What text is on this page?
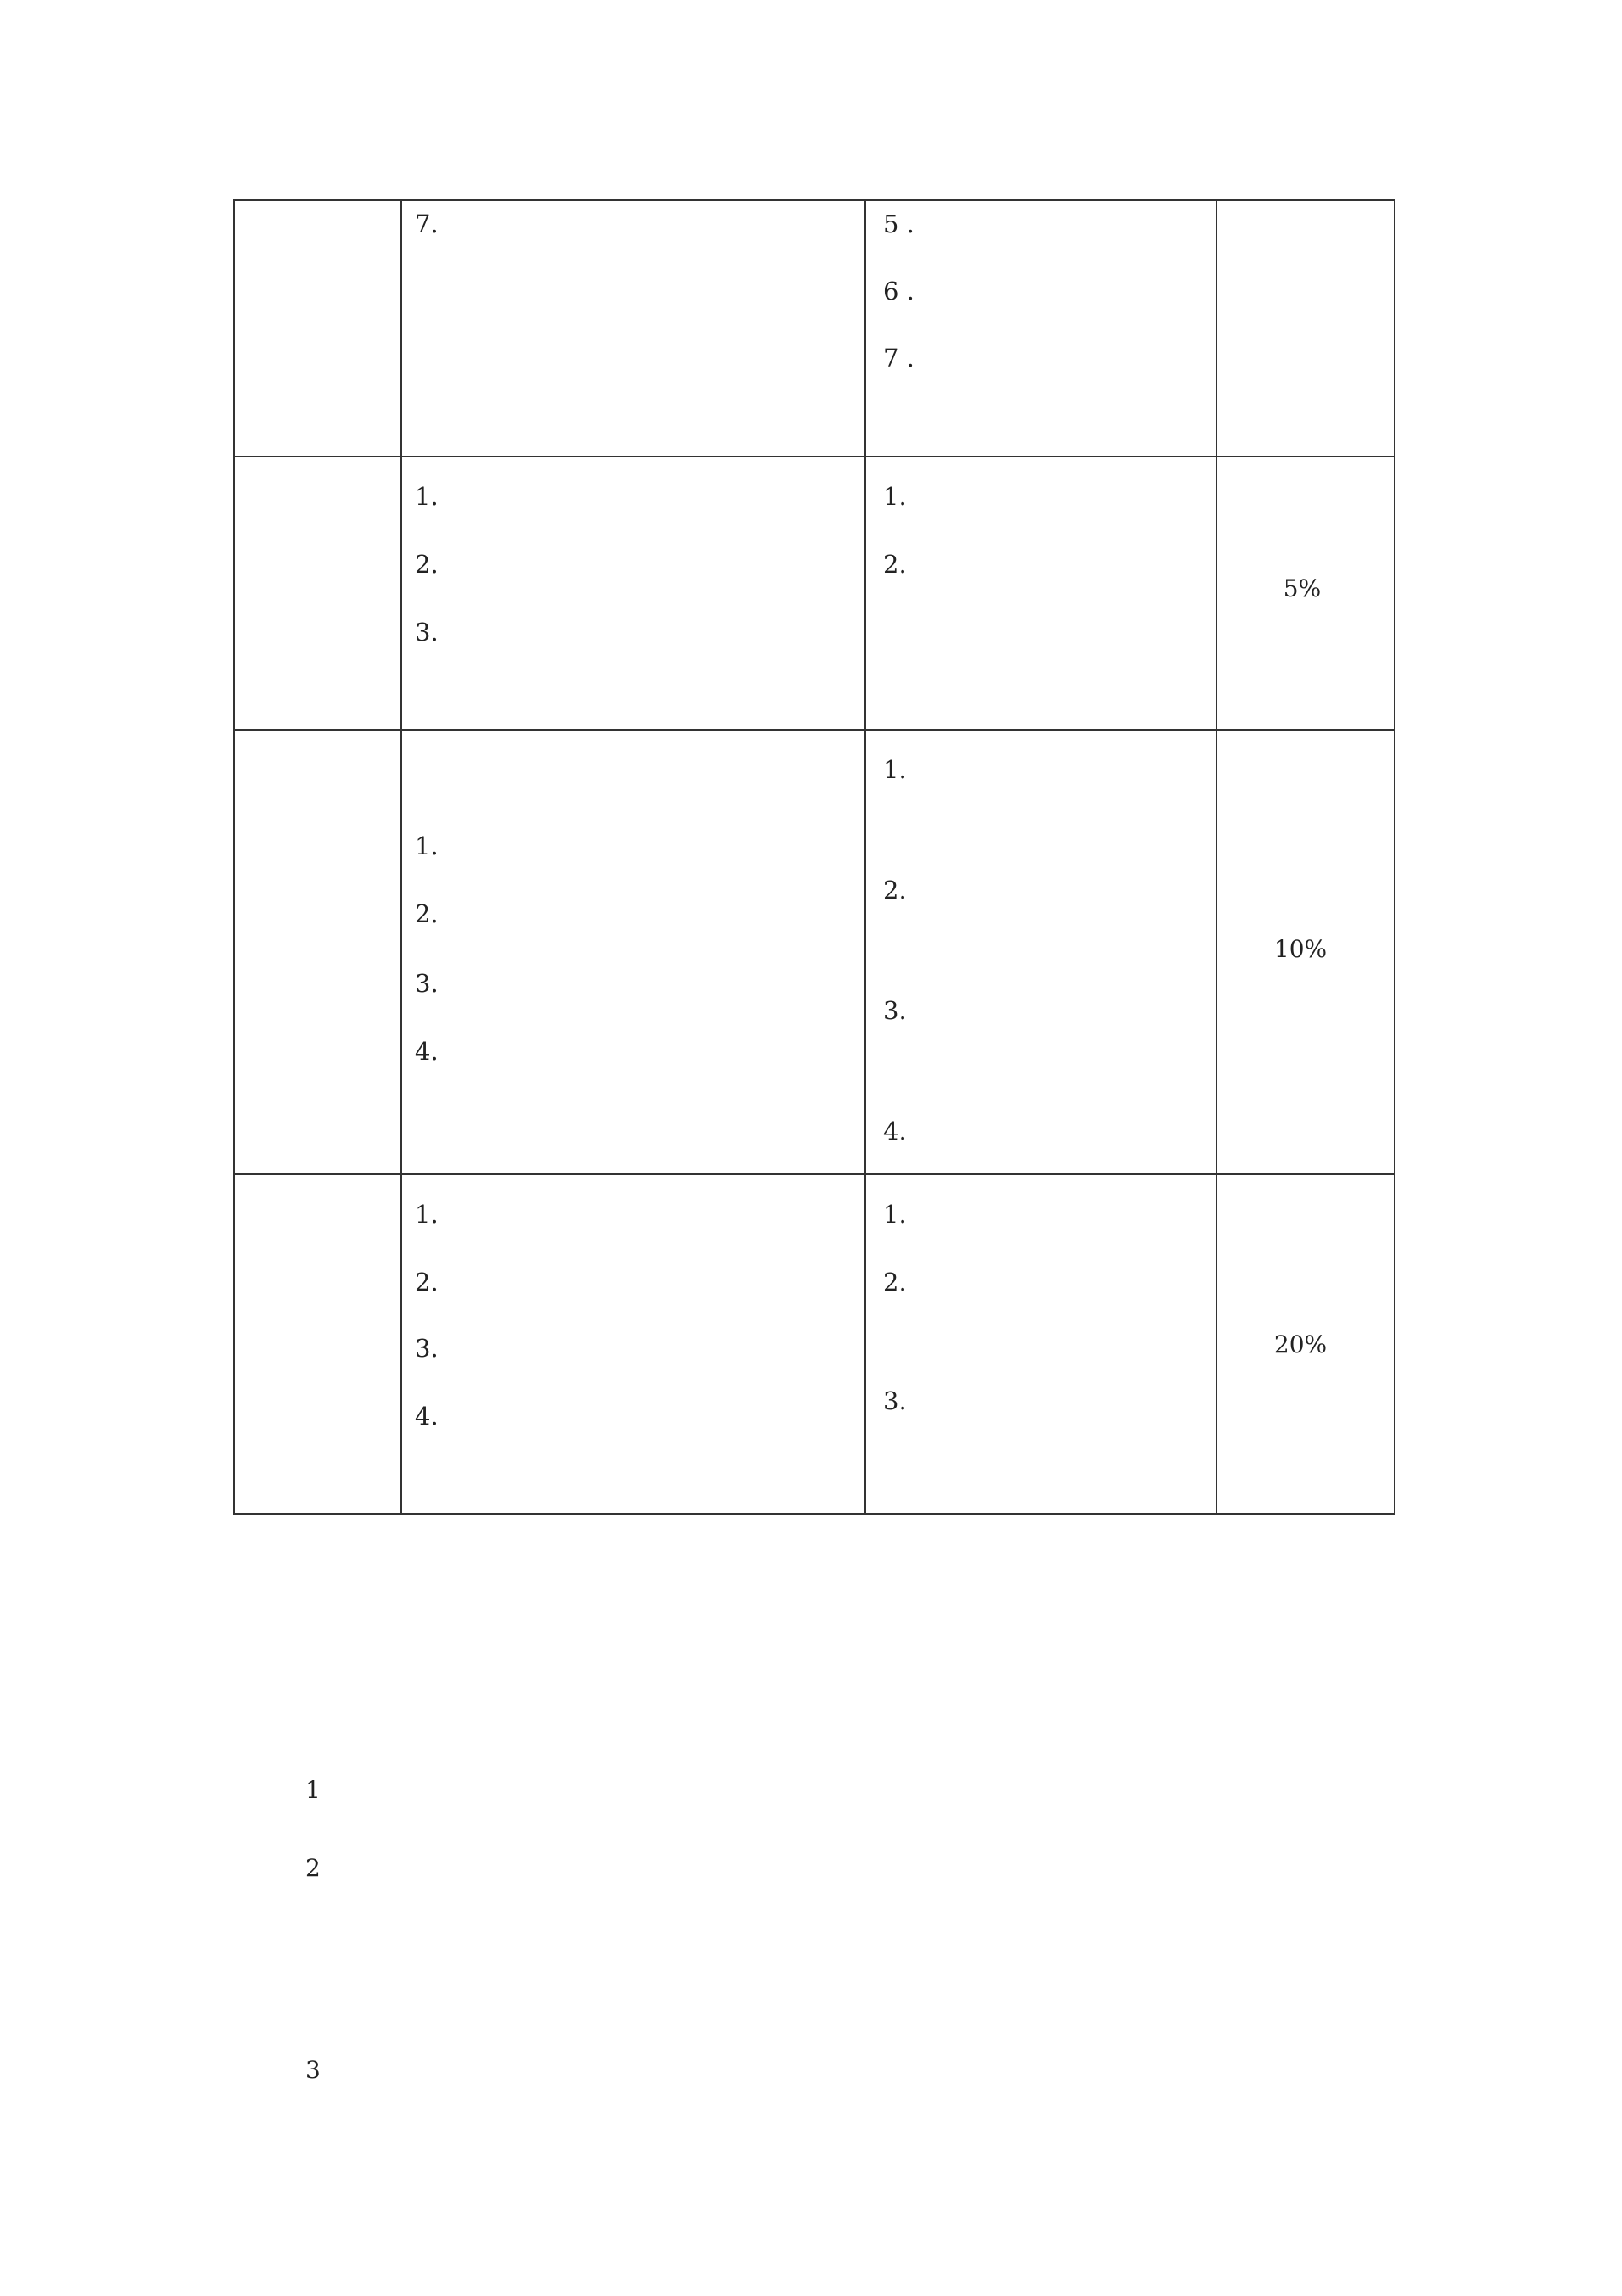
7.	5 .
6 .
7 .
1.
2.
3.
1.
2.
5%
1.
2.
3.
4.
1.
2.
3.
4.
10%
1.
2.
3.
4.
1.
2.
3.
20%
1
2
3
